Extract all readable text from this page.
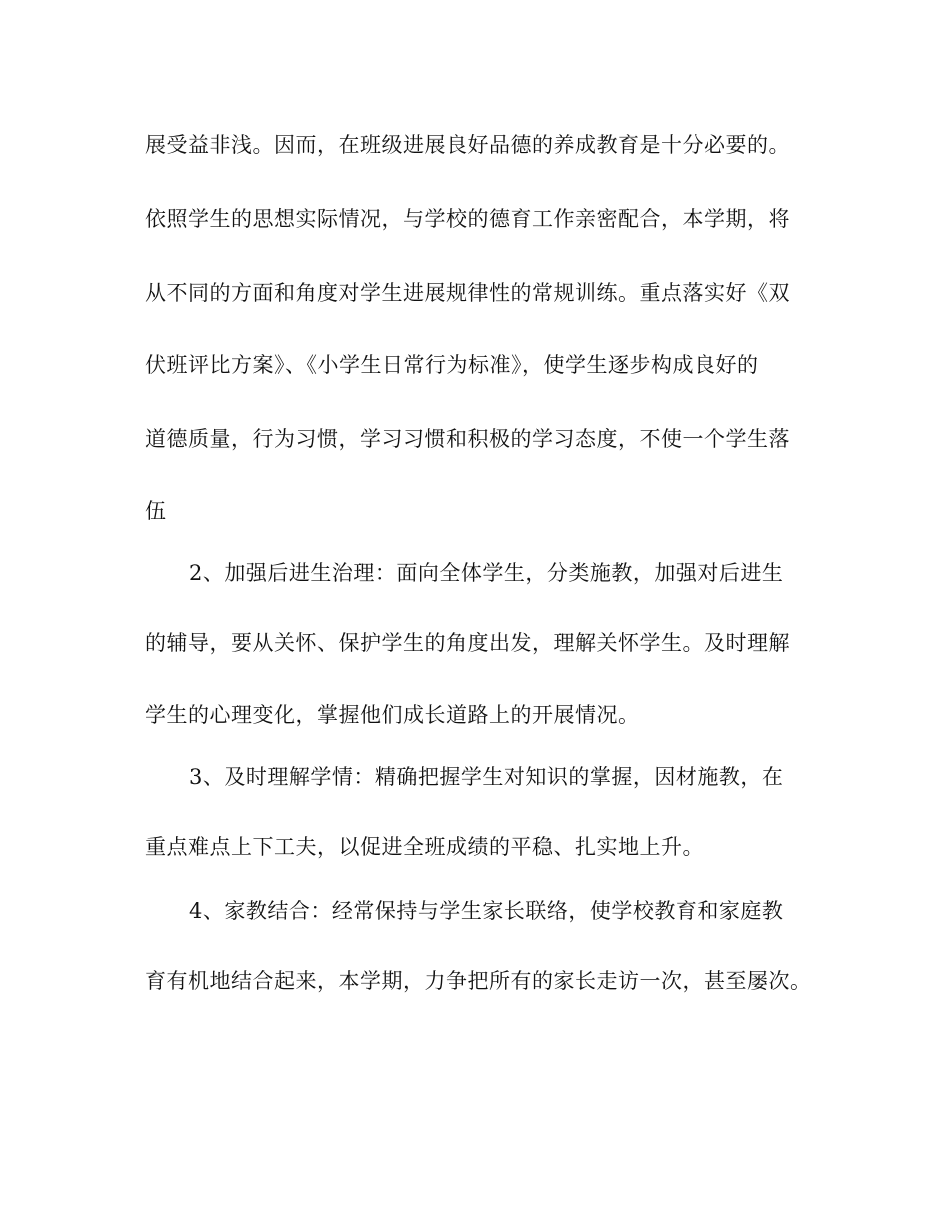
展受益非浅。因而，在班级进展良好品德的养成教育是十分必要的。

依照学生的思想实际情况，与学校的德育工作亲密配合，本学期，将

从不同的方面和角度对学生进展规律性的常规训练。重点落实好《双

伏班评比方案》、《小学生日常行为标准》，使学生逐步构成良好的

道德质量，行为习惯，学习习惯和积极的学习态度，不使一个学生落

伍

2、加强后进生治理：面向全体学生，分类施教，加强对后进生

的辅导，要从关怀、保护学生的角度出发，理解关怀学生。及时理解

学生的心理变化，掌握他们成长道路上的开展情况。

3、及时理解学情：精确把握学生对知识的掌握，因材施教，在

重点难点上下工夫，以促进全班成绩的平稳、扎实地上升。

4、家教结合：经常保持与学生家长联络，使学校教育和家庭教

育有机地结合起来，本学期，力争把所有的家长走访一次，甚至屡次。
